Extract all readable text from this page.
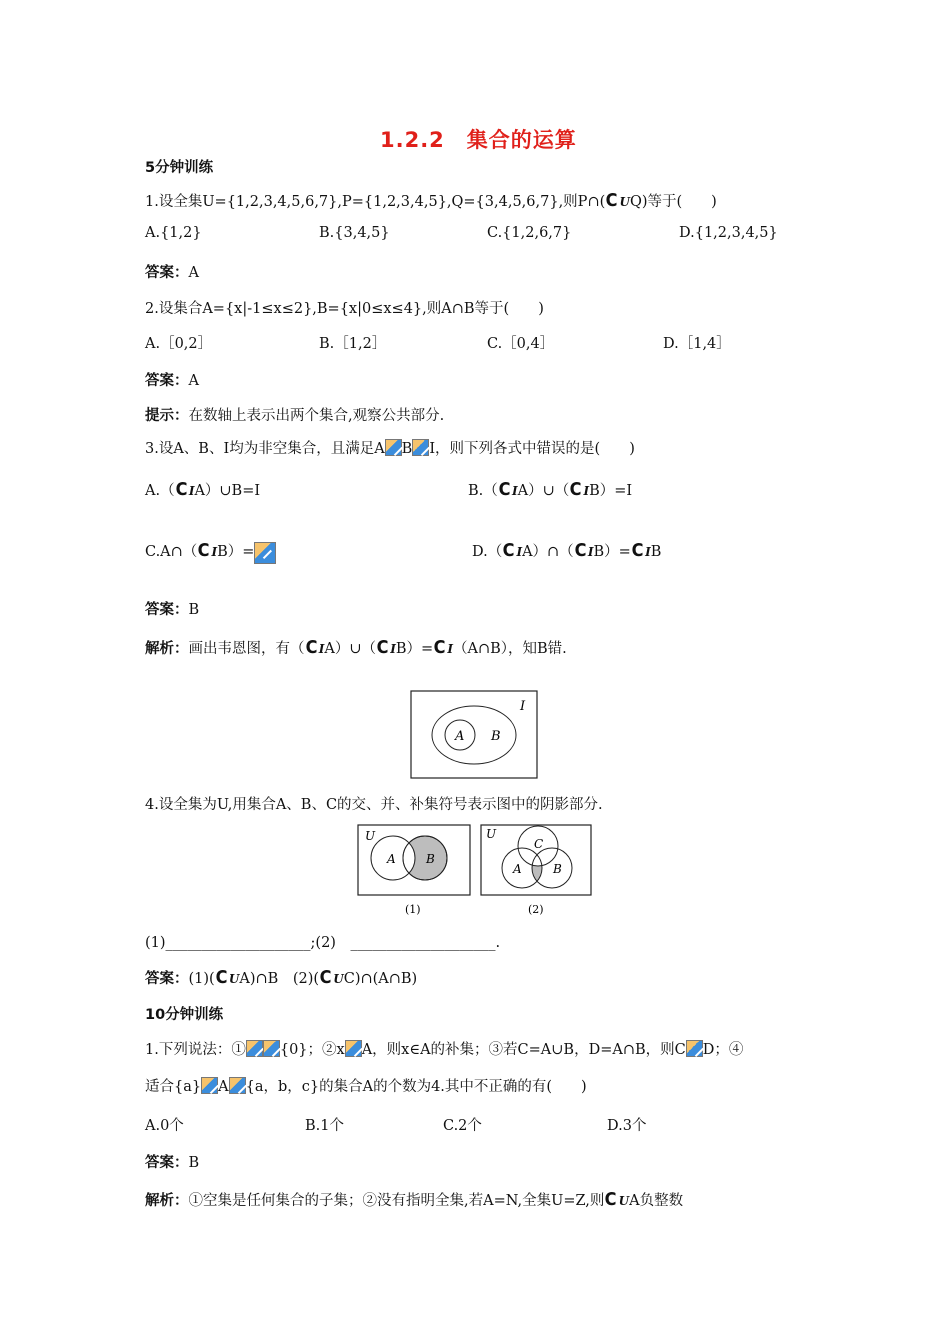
1.2.2　集合的运算
5分钟训练
1.设全集U={1,2,3,4,5,6,7},P={1,2,3,4,5},Q={3,4,5,6,7},则P∩(C UQ)等于(　　)
A.{1,2}	B.{3,4,5}	C.{1,2,6,7}	D.{1,2,3,4,5}
答案：A
2.设集合A={x|-1≤x≤2},B={x|0≤x≤4},则A∩B等于(　　)
A.［0,2］	B.［1,2］	C.［0,4］	D.［1,4］
答案：A
提示：在数轴上表示出两个集合,观察公共部分.
3.设A、B、I均为非空集合，且满足A B I，则下列各式中错误的是(　　)
A.（C IA）∪B=I	B.（C IA）∪（C IB）=I
C.A∩（C IB）=	D.（C IA）∩（C IB）=C IB
答案：B
解析：画出韦恩图，有（C IA）∪（C IB）=C I（A∩B），知B错.
I
A B
4.设全集为U,用集合A、B、C的交、并、补集符号表示图中的阴影部分.
U
A	B
(1)
U
C
A	B
(2)
(1)____________________;(2)　____________________.
答案：(1)(C UA)∩B　(2)(C UC)∩(A∩B)
10分钟训练
1.下列说法：① {0}；②x A，则x∈A的补集；③若C=A∪B，D=A∩B，则C D；④
适合{a} A {a，b，c}的集合A的个数为4.其中不正确的有(　　)
A.0个	B.1个	C.2个	D.3个
答案：B
解析：①空集是任何集合的子集；②没有指明全集,若A=N,全集U=Z,则C UA负整数
